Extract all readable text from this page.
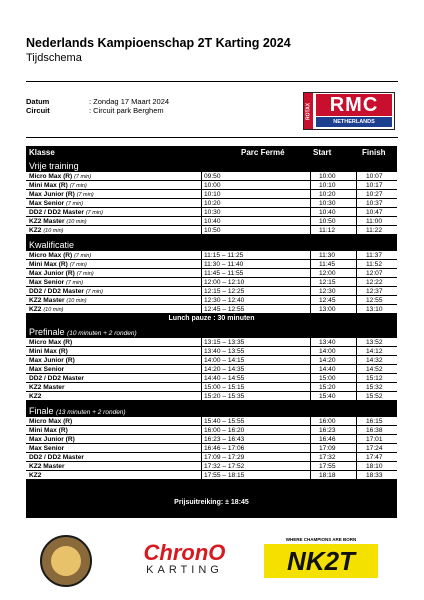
Nederlands Kampioenschap 2T Karting 2024
Tijdschema
Datum	: Zondag 17 Maart 2024
Circuit	: Circuit park Berghem	ROTAX RMC
NETHERLANDS
Klasse	Parc Fermé	Start	Finish
Vrije training
Micro Max (R) (7 min)	09:50	10:00	10:07
Mini Max (R) (7 min)	10:00	10:10	10:17
Max Junior (R) (7 min)	10:10	10:20	10:27
Max Senior (7 min)	10:20	10:30	10:37
DD2 / DD2 Master (7 min)	10:30	10:40	10:47
KZ2 Master (10 min)	10:40	10:50	11:00
KZ2 (10 min)	10:50	11:12	11:22
Kwalificatie
Micro Max (R) (7 min)	11:15 – 11:25	11:30	11:37
Mini Max (R) (7 min)	11:30 – 11:40	11:45	11:52
Max Junior (R) (7 min)	11:45 – 11:55	12:00	12:07
Max Senior (7 min)	12:00 – 12:10	12:15	12:22
DD2 / DD2 Master (7 min)	12:15 – 12:25	12:30	12:37
KZ2 Master (10 min)	12:30 – 12:40	12:45	12:55
KZ2 (10 min)	12:45 – 12:55	13:00	13:10
Lunch pauze : 30 minuten
Prefinale (10 minuten + 2 ronden)
Micro Max (R)	13:15 – 13:35	13:40	13:52
Mini Max (R)	13:40 – 13:55	14:00	14:12
Max Junior (R)	14:00 – 14:15	14:20	14:32
Max Senior	14:20 – 14:35	14:40	14:52
DD2 / DD2 Master	14:40 – 14:55	15:00	15:12
KZ2 Master	15:00 – 15:15	15:20	15:32
KZ2	15:20 – 15:35	15:40	15:52
Finale (13 minuten + 2 ronden)
Micro Max (R)	15:40 – 15:55	16:00	16:15
Mini Max (R)	16:00 – 16:20	16:23	16:38
Max Junior (R)	16:23 – 16:43	16:46	17:01
Max Senior	16:46 – 17:06	17:09	17:24
DD2 / DD2 Master	17:09 – 17:29	17:32	17:47
KZ2 Master	17:32 – 17:52	17:55	18:10
KZ2	17:55 – 18:15	18:18	18:33
Prijsuitreiking: ± 18:45
ChronO
KARTING
WHERE CHAMPIONS ARE BORN
NK2T
